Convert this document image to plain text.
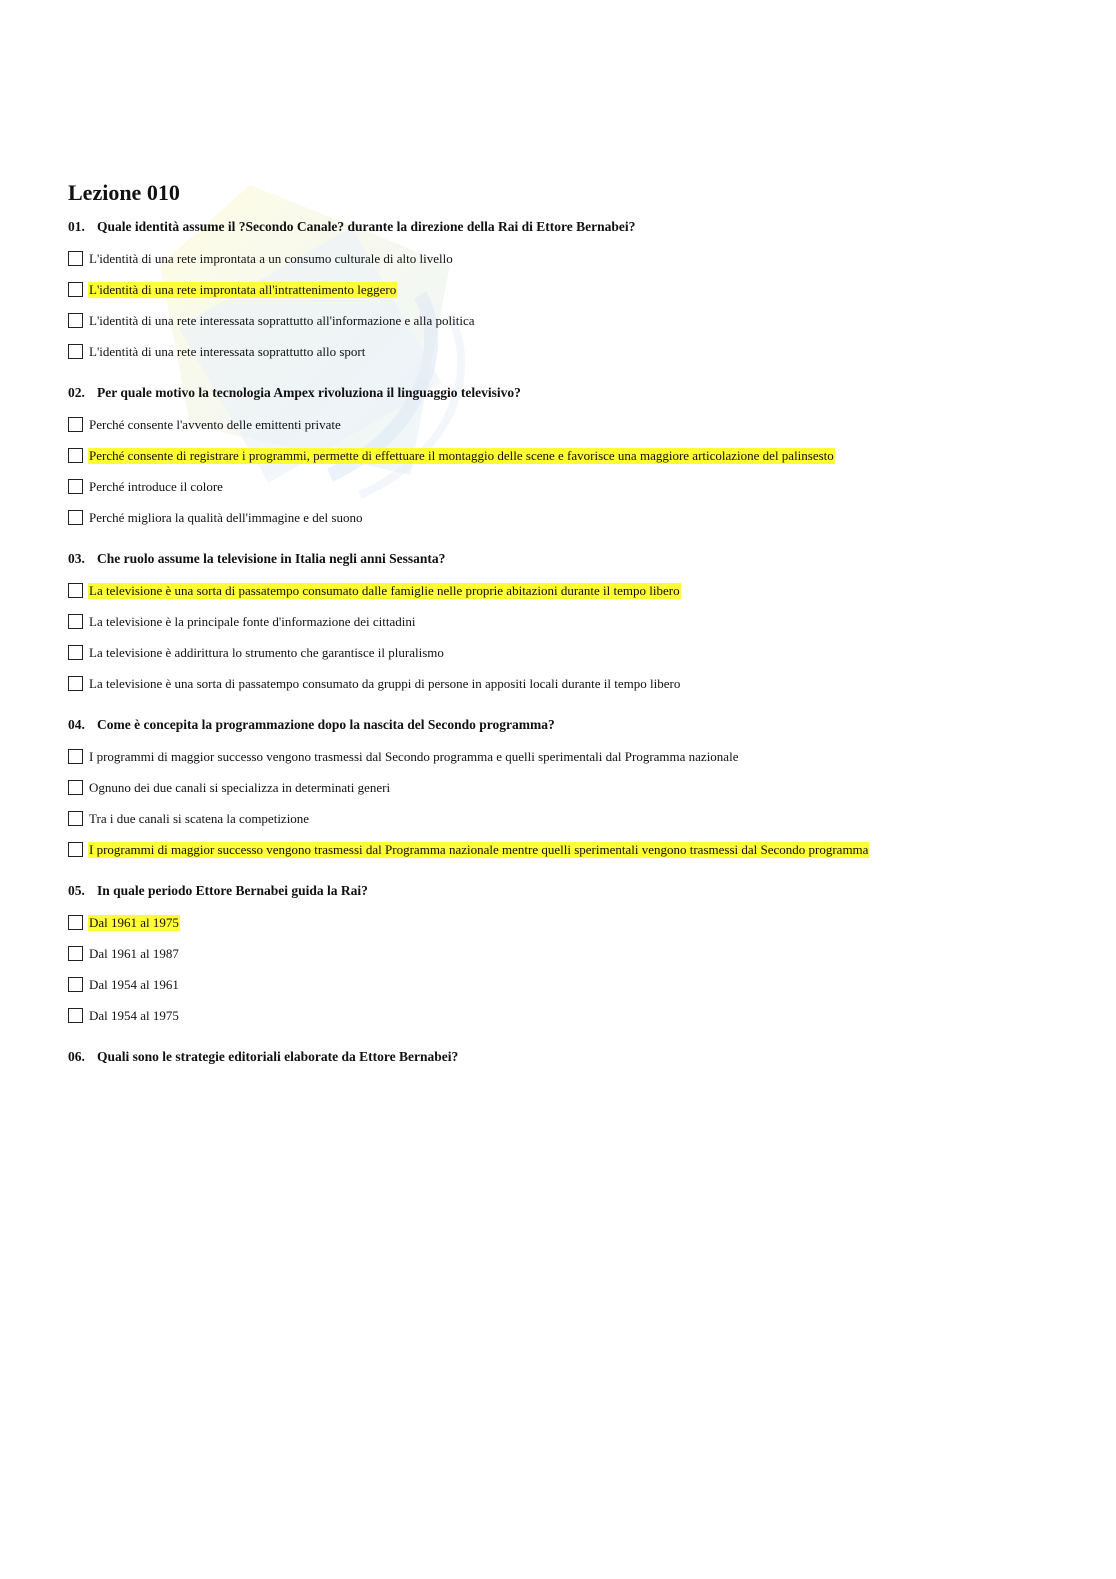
Lezione 010
01. Quale identità assume il ?Secondo Canale? durante la direzione della Rai di Ettore Bernabei?
L'identità di una rete improntata a un consumo culturale di alto livello
L'identità di una rete improntata all'intrattenimento leggero
L'identità di una rete interessata soprattutto all'informazione e alla politica
L'identità di una rete interessata soprattutto allo sport
02. Per quale motivo la tecnologia Ampex rivoluziona il linguaggio televisivo?
Perché consente l'avvento delle emittenti private
Perché consente di registrare i programmi, permette di effettuare il montaggio delle scene e favorisce una maggiore articolazione del palinsesto
Perché introduce il colore
Perché migliora la qualità dell'immagine e del suono
03. Che ruolo assume la televisione in Italia negli anni Sessanta?
La televisione è una sorta di passatempo consumato dalle famiglie nelle proprie abitazioni durante il tempo libero
La televisione è la principale fonte d'informazione dei cittadini
La televisione è addirittura lo strumento che garantisce il pluralismo
La televisione è una sorta di passatempo consumato da gruppi di persone in appositi locali durante il tempo libero
04. Come è concepita la programmazione dopo la nascita del Secondo programma?
I programmi di maggior successo vengono trasmessi dal Secondo programma e quelli sperimentali dal Programma nazionale
Ognuno dei due canali si specializza in determinati generi
Tra i due canali si scatena la competizione
I programmi di maggior successo vengono trasmessi dal Programma nazionale mentre quelli sperimentali vengono trasmessi dal Secondo programma
05. In quale periodo Ettore Bernabei guida la Rai?
Dal 1961 al 1975
Dal 1961 al 1987
Dal 1954 al 1961
Dal 1954 al 1975
06. Quali sono le strategie editoriali elaborate da Ettore Bernabei?
